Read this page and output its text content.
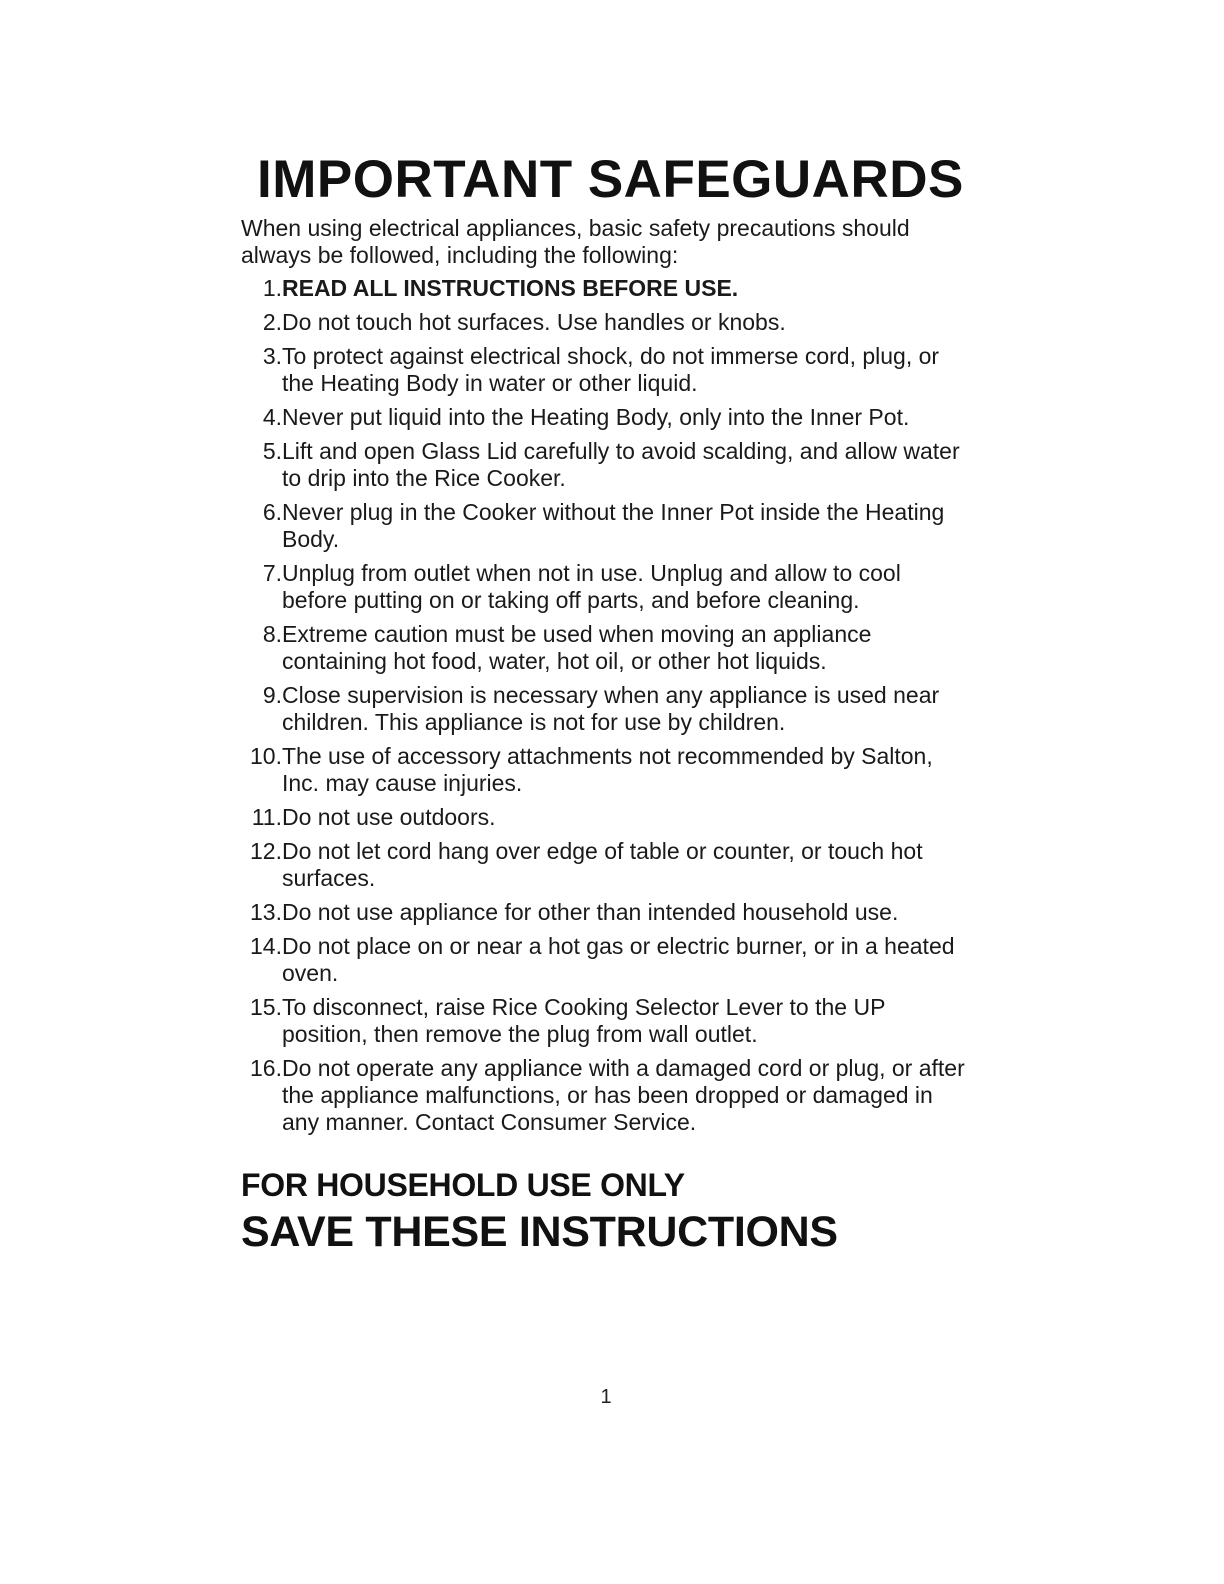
IMPORTANT SAFEGUARDS

When using electrical appliances, basic safety precautions should always be followed, including the following:

1. READ ALL INSTRUCTIONS BEFORE USE.
2. Do not touch hot surfaces. Use handles or knobs.
3. To protect against electrical shock, do not immerse cord, plug, or the Heating Body in water or other liquid.
4. Never put liquid into the Heating Body, only into the Inner Pot.
5. Lift and open Glass Lid carefully to avoid scalding, and allow water to drip into the Rice Cooker.
6. Never plug in the Cooker without the Inner Pot inside the Heating Body.
7. Unplug from outlet when not in use. Unplug and allow to cool before putting on or taking off parts, and before cleaning.
8. Extreme caution must be used when moving an appliance containing hot food, water, hot oil, or other hot liquids.
9. Close supervision is necessary when any appliance is used near children. This appliance is not for use by children.
10. The use of accessory attachments not recommended by Salton, Inc. may cause injuries.
11. Do not use outdoors.
12. Do not let cord hang over edge of table or counter, or touch hot surfaces.
13. Do not use appliance for other than intended household use.
14. Do not place on or near a hot gas or electric burner, or in a heated oven.
15. To disconnect, raise Rice Cooking Selector Lever to the UP position, then remove the plug from wall outlet.
16. Do not operate any appliance with a damaged cord or plug, or after the appliance malfunctions, or has been dropped or damaged in any manner. Contact Consumer Service.
FOR HOUSEHOLD USE ONLY
SAVE THESE INSTRUCTIONS
1
